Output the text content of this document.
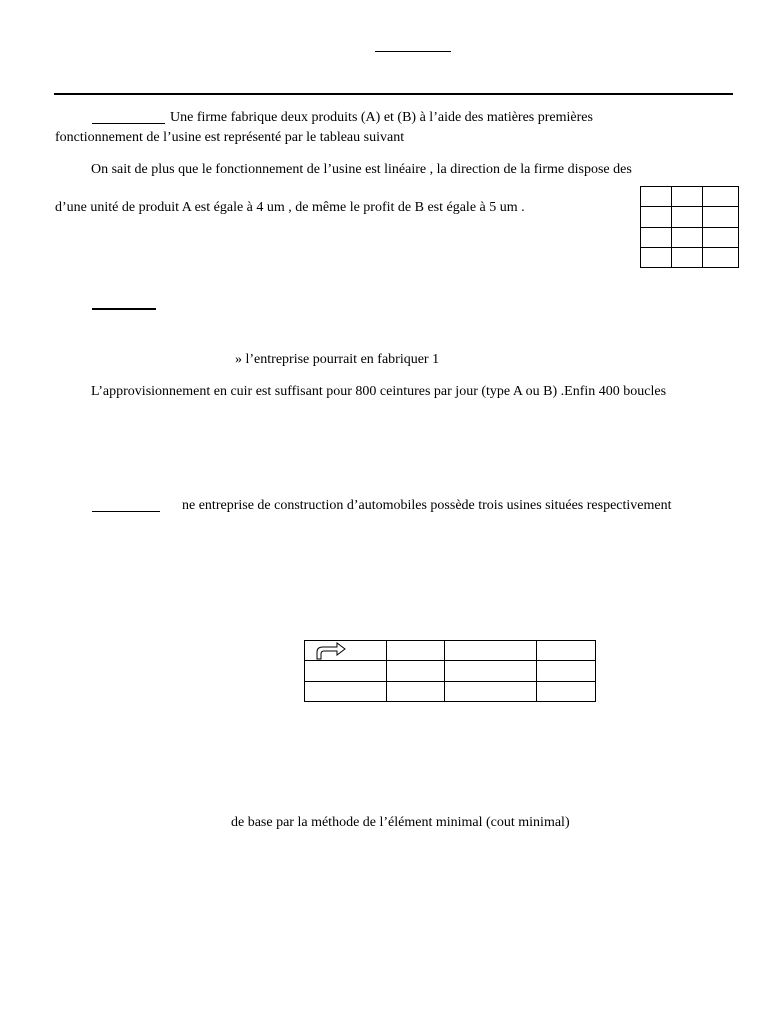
Une firme fabrique deux produits (A) et (B) à l’aide des matières premières
fonctionnement de l’usine est représenté par le tableau suivant
On sait de plus que le fonctionnement de l’usine est linéaire , la direction de la firme dispose des
d’une unité de produit A est égale à 4 um , de même le profit de B est égale à 5 um .

» l’entreprise pourrait en fabriquer 1
L’approvisionnement en cuir est suffisant pour 800 ceintures par jour (type A ou B) .Enfin 400 boucles
ne entreprise de construction d’automobiles possède trois usines situées respectivement

de base par la méthode de l’élément minimal (cout minimal)
